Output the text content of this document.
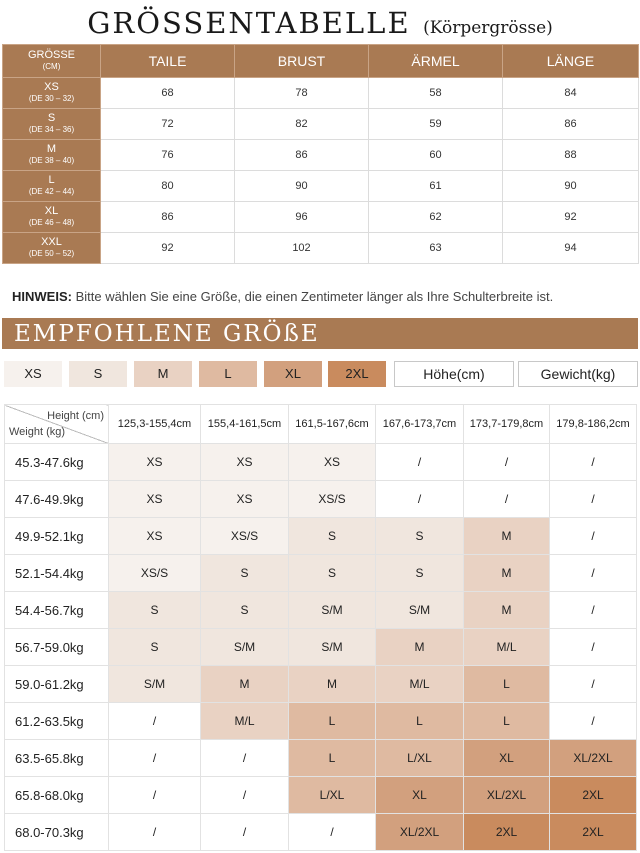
GRÖSSENTABELLE (Körpergrösse)
GRÖSSE
(CM)	TAILE	BRUST	ÄRMEL	LÄNGE

XS
(DE 30 – 32)	68	78	58	84

S
(DE 34 – 36)	72	82	59	86

M
(DE 38 – 40)	76	86	60	88

L
(DE 42 – 44)	80	90	61	90

XL
(DE 46 – 48)	86	96	62	92

XXL
(DE 50 – 52)	92	102	63	94
HINWEIS: Bitte wählen Sie eine Größe, die einen Zentimeter länger als Ihre Schulterbreite ist.
EMPFOHLENE GRÖßE
XS	S	M	L	XL	2XL	Höhe(cm)	Gewicht(kg)
Height (cm)
Weight (kg)	125,3-155,4cm	155,4-161,5cm	161,5-167,6cm	167,6-173,7cm	173,7-179,8cm	179,8-186,2cm
45.3-47.6kg	XS	XS	XS	/	/	/
47.6-49.9kg	XS	XS	XS/S	/	/	/
49.9-52.1kg	XS	XS/S	S	S	M	/
52.1-54.4kg	XS/S	S	S	S	M	/
54.4-56.7kg	S	S	S/M	S/M	M	/
56.7-59.0kg	S	S/M	S/M	M	M/L	/
59.0-61.2kg	S/M	M	M	M/L	L	/
61.2-63.5kg	/	M/L	L	L	L	/
63.5-65.8kg	/	/	L	L/XL	XL	XL/2XL
65.8-68.0kg	/	/	L/XL	XL	XL/2XL	2XL
68.0-70.3kg	/	/	/	XL/2XL	2XL	2XL
